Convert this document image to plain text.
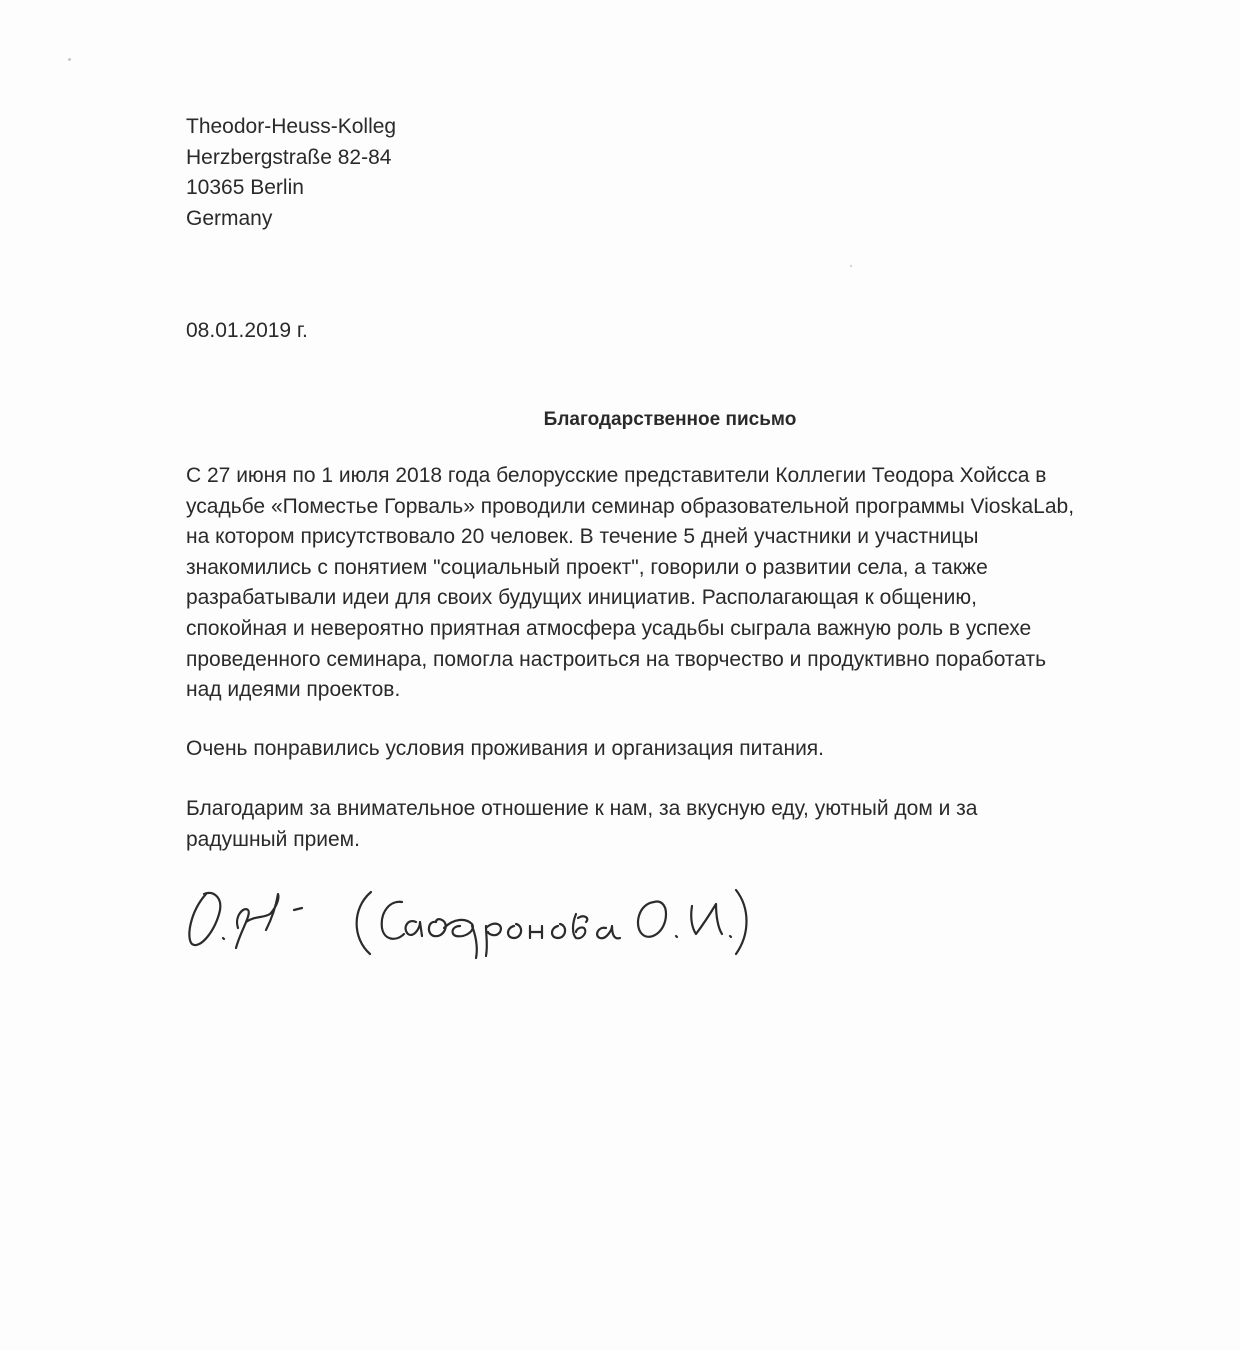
Theodor-Heuss-Kolleg
Herzbergstraße 82-84
10365 Berlin
Germany
08.01.2019 г.
Благодарственное письмо
С 27 июня по 1 июля 2018 года белорусские представители Коллегии Теодора Хойсса в
усадьбе «Поместье Горваль» проводили семинар образовательной программы VioskaLab,
на котором присутствовало 20 человек. В течение 5 дней участники и участницы
знакомились с понятием "социальный проект", говорили о развитии села, а также
разрабатывали идеи для своих будущих инициатив. Располагающая к общению,
спокойная и невероятно приятная атмосфера усадьбы сыграла важную роль в успехе
проведенного семинара, помогла настроиться на творчество и продуктивно поработать
над идеями проектов.
Очень понравились условия проживания и организация питания.
Благодарим за внимательное отношение к нам, за вкусную еду, уютный дом и за
радушный прием.
